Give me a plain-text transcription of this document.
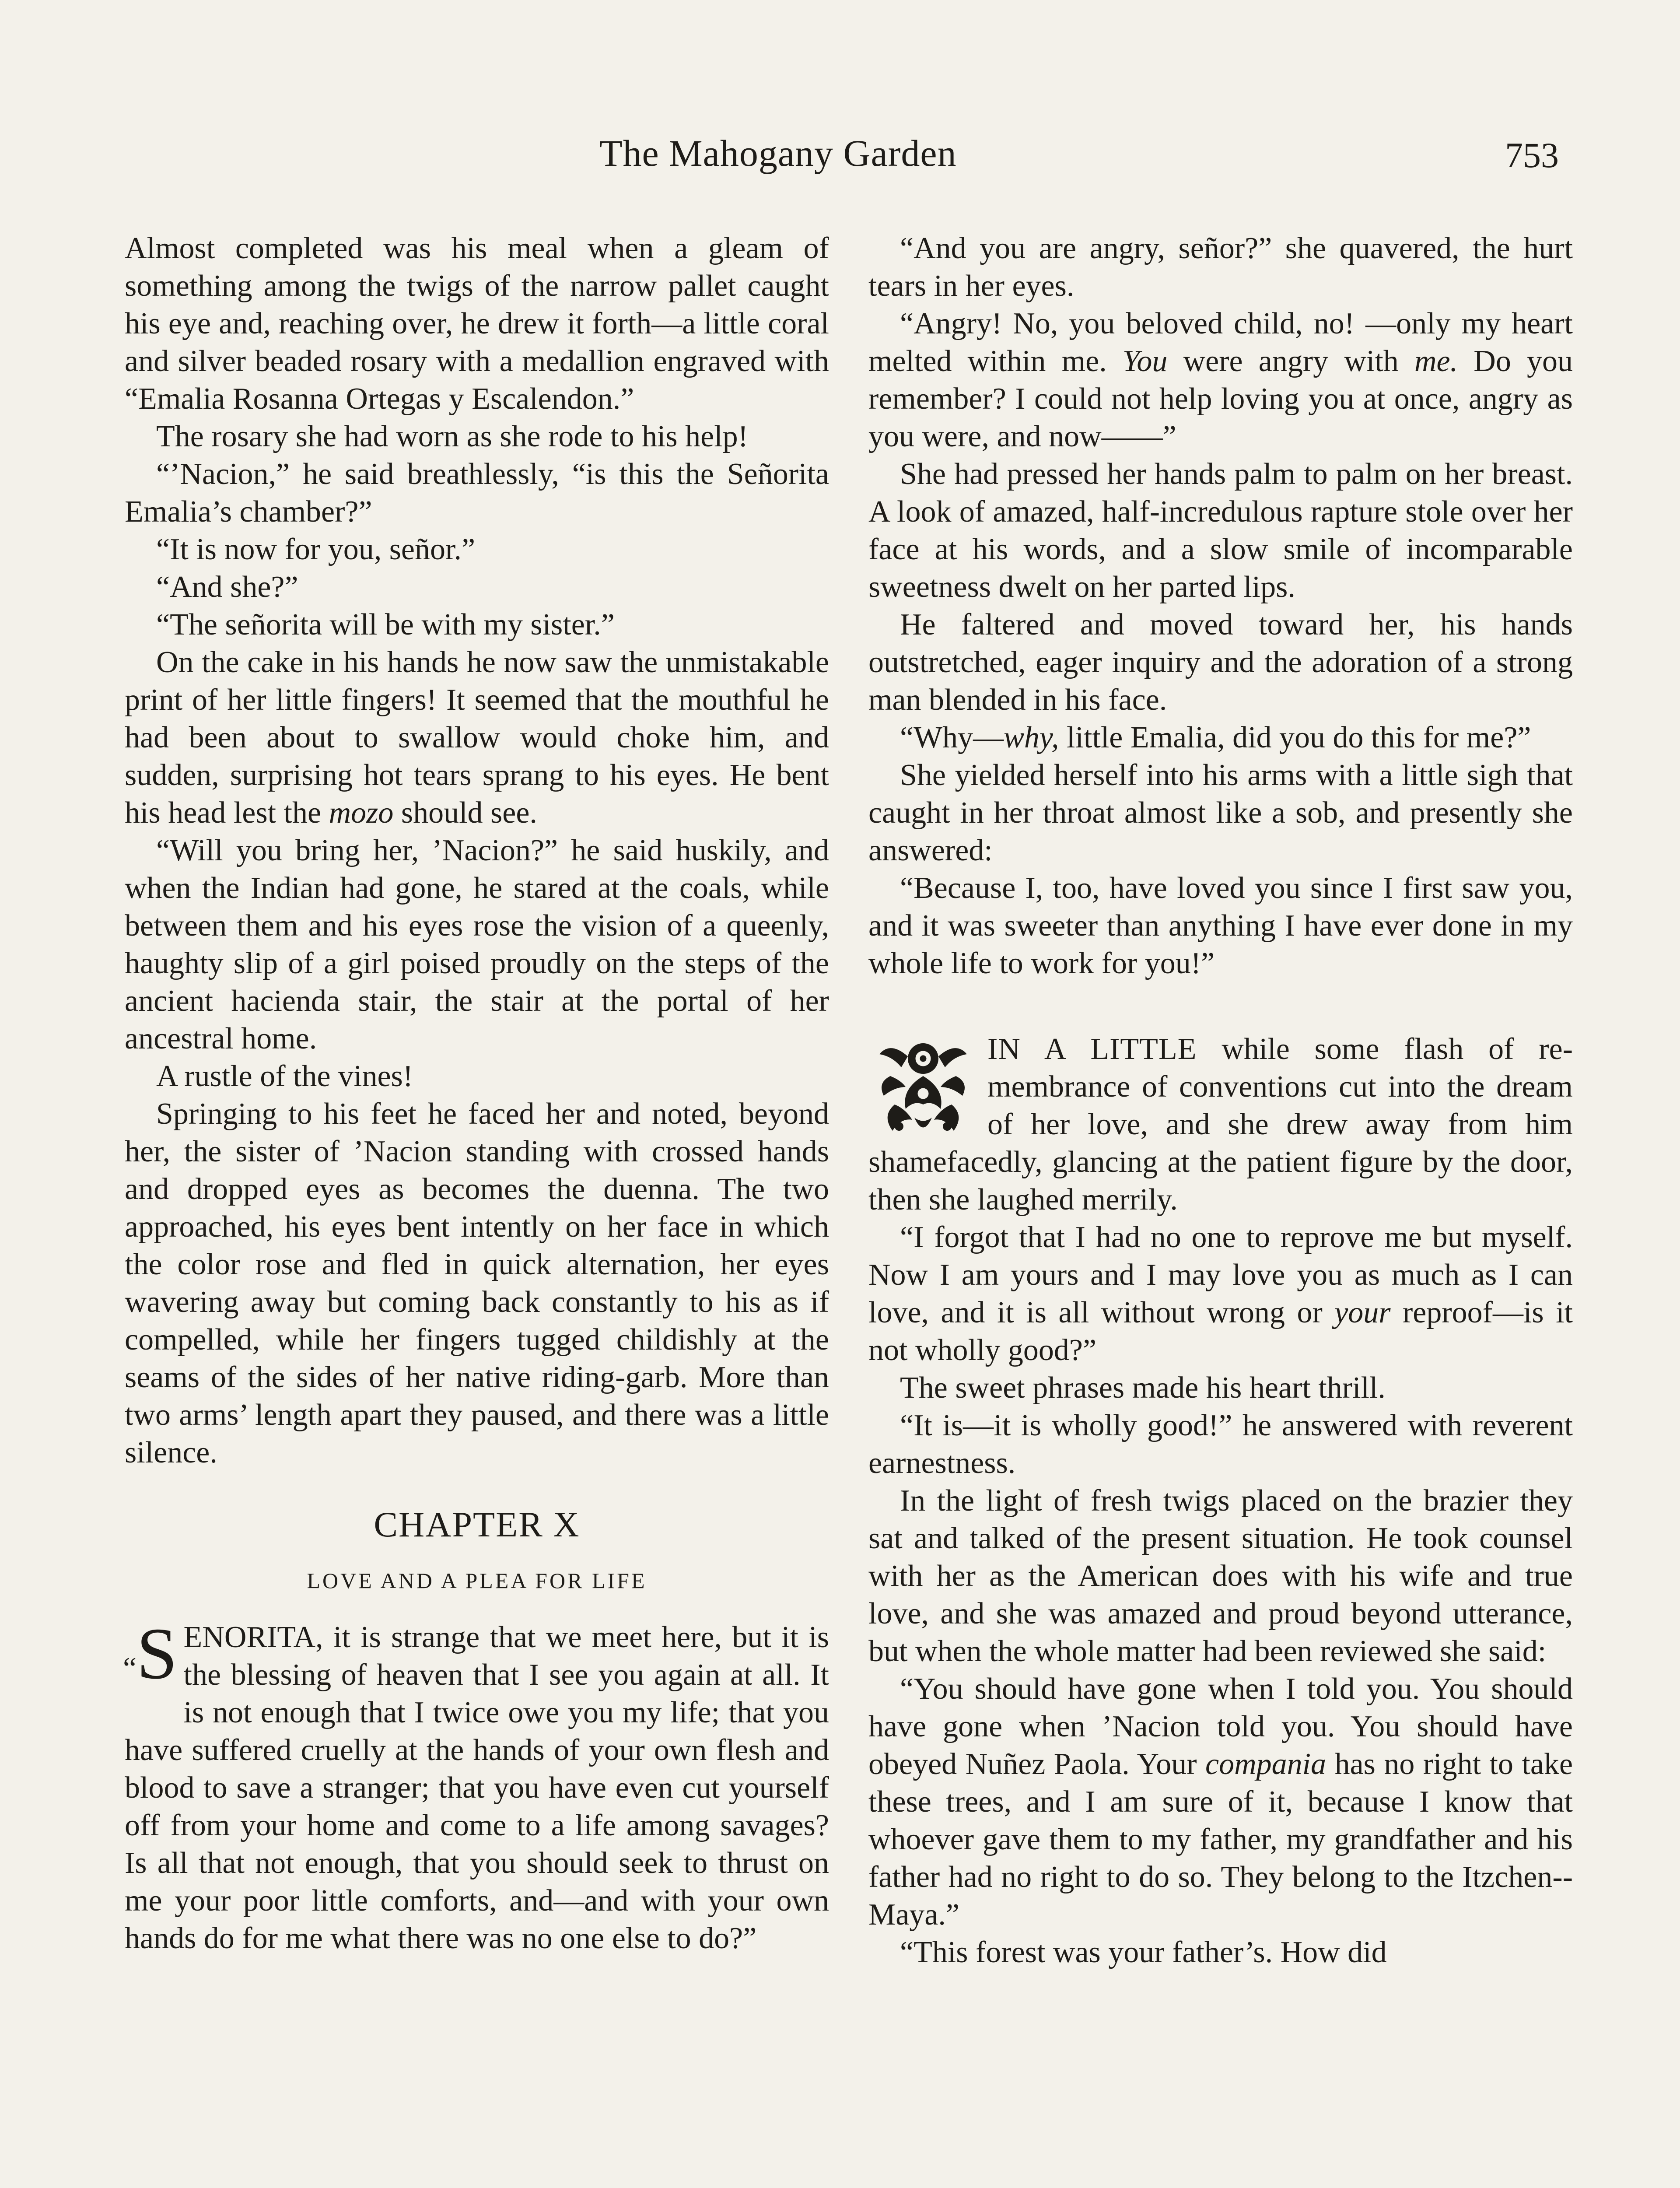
The Mahogany Garden	753

Almost completed was his meal when a gleam of something among the twigs of the narrow pallet caught his eye and, reaching over, he drew it forth—a little coral and silver beaded rosary with a medallion engraved with “Emalia Rosanna Ortegas y Escalendon.”

The rosary she had worn as she rode to his help!

“’Nacion,” he said breathlessly, “is this the Señorita Emalia’s chamber?”

“It is now for you, señor.”

“And she?”

“The señorita will be with my sister.”

On the cake in his hands he now saw the unmistakable print of her little fingers! It seemed that the mouthful he had been about to swallow would choke him, and sudden, surprising hot tears sprang to his eyes. He bent his head lest the mozo should see.

“Will you bring her, ’Nacion?” he said huskily, and when the Indian had gone, he stared at the coals, while between them and his eyes rose the vision of a queenly, haughty slip of a girl poised proudly on the steps of the ancient hacienda stair, the stair at the portal of her ancestral home.

A rustle of the vines!

Springing to his feet he faced her and noted, beyond her, the sister of ’Nacion standing with crossed hands and dropped eyes as becomes the duenna. The two approached, his eyes bent intently on her face in which the color rose and fled in quick alternation, her eyes wavering away but coming back constantly to his as if compelled, while her fingers tugged childishly at the seams of the sides of her native riding-garb. More than two arms’ length apart they paused, and there was a little silence.

CHAPTER X
LOVE AND A PLEA FOR LIFE

“S ENORITA, it is strange that we meet here, but it is the blessing of heaven that I see you again at all. It is not enough that I twice owe you my life; that you have suffered cruelly at the hands of your own flesh and blood to save a stranger; that you have even cut yourself off from your home and come to a life among savages? Is all that not enough, that you should seek to thrust on me your poor little comforts, and—and with your own hands do for me what there was no one else to do?”

“And you are angry, señor?” she quavered, the hurt tears in her eyes.

“Angry! No, you beloved child, no! —only my heart melted within me. You were angry with me. Do you remember? I could not help loving you at once, angry as you were, and now——”

She had pressed her hands palm to palm on her breast. A look of amazed, half-incredulous rapture stole over her face at his words, and a slow smile of incomparable sweetness dwelt on her parted lips.

He faltered and moved toward her, his hands outstretched, eager inquiry and the adoration of a strong man blended in his face.

“Why—why, little Emalia, did you do this for me?”

She yielded herself into his arms with a little sigh that caught in her throat almost like a sob, and presently she answered:

“Because I, too, have loved you since I first saw you, and it was sweeter than anything I have ever done in my whole life to work for you!”

IN A LITTLE while some flash of remembrance of conventions cut into the dream of her love, and she drew away from him shamefacedly, glancing at the patient figure by the door, then she laughed merrily.

“I forgot that I had no one to reprove me but myself. Now I am yours and I may love you as much as I can love, and it is all without wrong or your reproof—is it not wholly good?”

The sweet phrases made his heart thrill.

“It is—it is wholly good!” he answered with reverent earnestness.

In the light of fresh twigs placed on the brazier they sat and talked of the present situation. He took counsel with her as the American does with his wife and true love, and she was amazed and proud beyond utterance, but when the whole matter had been reviewed she said:

“You should have gone when I told you. You should have gone when ’Nacion told you. You should have obeyed Nuñez Paola. Your compania has no right to take these trees, and I am sure of it, because I know that whoever gave them to my father, my grandfather and his father had no right to do so. They belong to the Itzchen-Maya.”

“This forest was your father’s. How did
